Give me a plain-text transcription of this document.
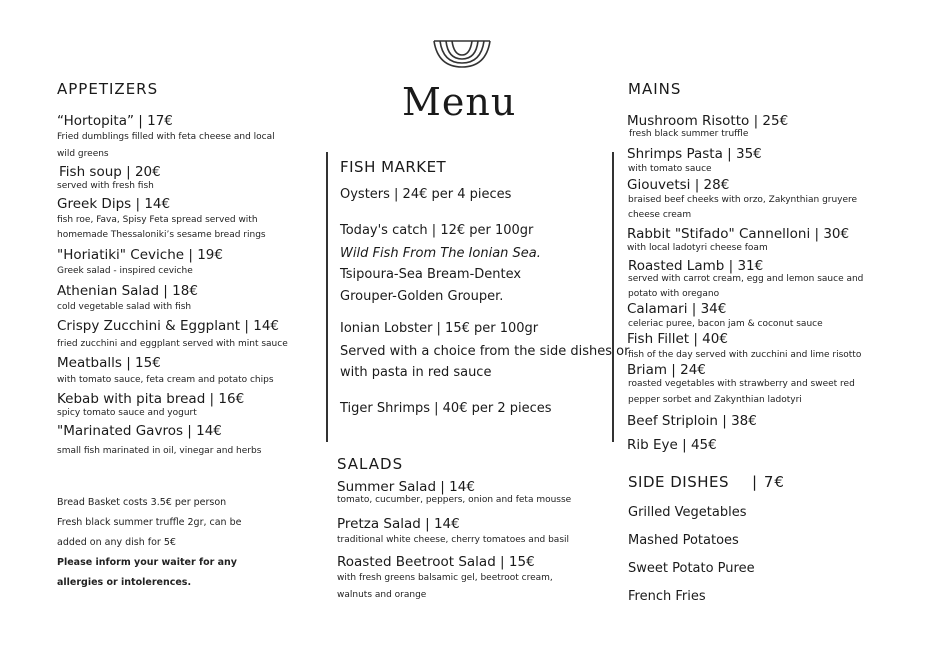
Menu
APPETIZERS
“Hortopita” | 17€
Fried dumblings filled with feta cheese and local
wild greens
Fish soup | 20€
served with fresh fish
Greek Dips | 14€
fish roe, Fava, Spisy Feta spread served with
homemade Thessaloniki’s sesame bread rings
"Horiatiki" Ceviche | 19€
Greek salad - inspired ceviche
Athenian Salad | 18€
cold vegetable salad with fish
Crispy Zucchini & Eggplant | 14€
fried zucchini and eggplant served with mint sauce
Meatballs | 15€
with tomato sauce, feta cream and potato chips
Kebab with pita bread | 16€
spicy tomato sauce and yogurt
"Marinated Gavros | 14€
small fish marinated in oil, vinegar and herbs
Bread Basket costs 3.5€ per person
Fresh black summer truffle 2gr, can be
added on any dish for 5€
Please inform your waiter for any
allergies or intolerences.
FISH MARKET
Oysters | 24€ per 4 pieces
Today's catch | 12€ per 100gr
Wild Fish From The Ionian Sea.
Tsipoura-Sea Bream-Dentex
Grouper-Golden Grouper.
Ionian Lobster | 15€ per 100gr
Served with a choice from the side dishes or
with pasta in red sauce
Tiger Shrimps | 40€ per 2 pieces
SALADS
Summer Salad | 14€
tomato, cucumber, peppers, onion and feta mousse
Pretza Salad | 14€
traditional white cheese, cherry tomatoes and basil
Roasted Beetroot Salad | 15€
with fresh greens balsamic gel, beetroot cream,
walnuts and orange
MAINS
Mushroom Risotto | 25€
fresh black summer truffle
Shrimps Pasta | 35€
with tomato sauce
Giouvetsi | 28€
braised beef cheeks with orzo, Zakynthian gruyere
cheese cream
Rabbit "Stifado" Cannelloni | 30€
with local ladotyri cheese foam
Roasted Lamb | 31€
served with carrot cream, egg and lemon sauce and
potato with oregano
Calamari | 34€
celeriac puree, bacon jam & coconut sauce
Fish Fillet | 40€
fish of the day served with zucchini and lime risotto
Briam | 24€
roasted vegetables with strawberry and sweet red
pepper sorbet and Zakynthian ladotyri
Beef Striploin | 38€
Rib Eye | 45€
SIDE DISHES | 7€
Grilled Vegetables
Mashed Potatoes
Sweet Potato Puree
French Fries
